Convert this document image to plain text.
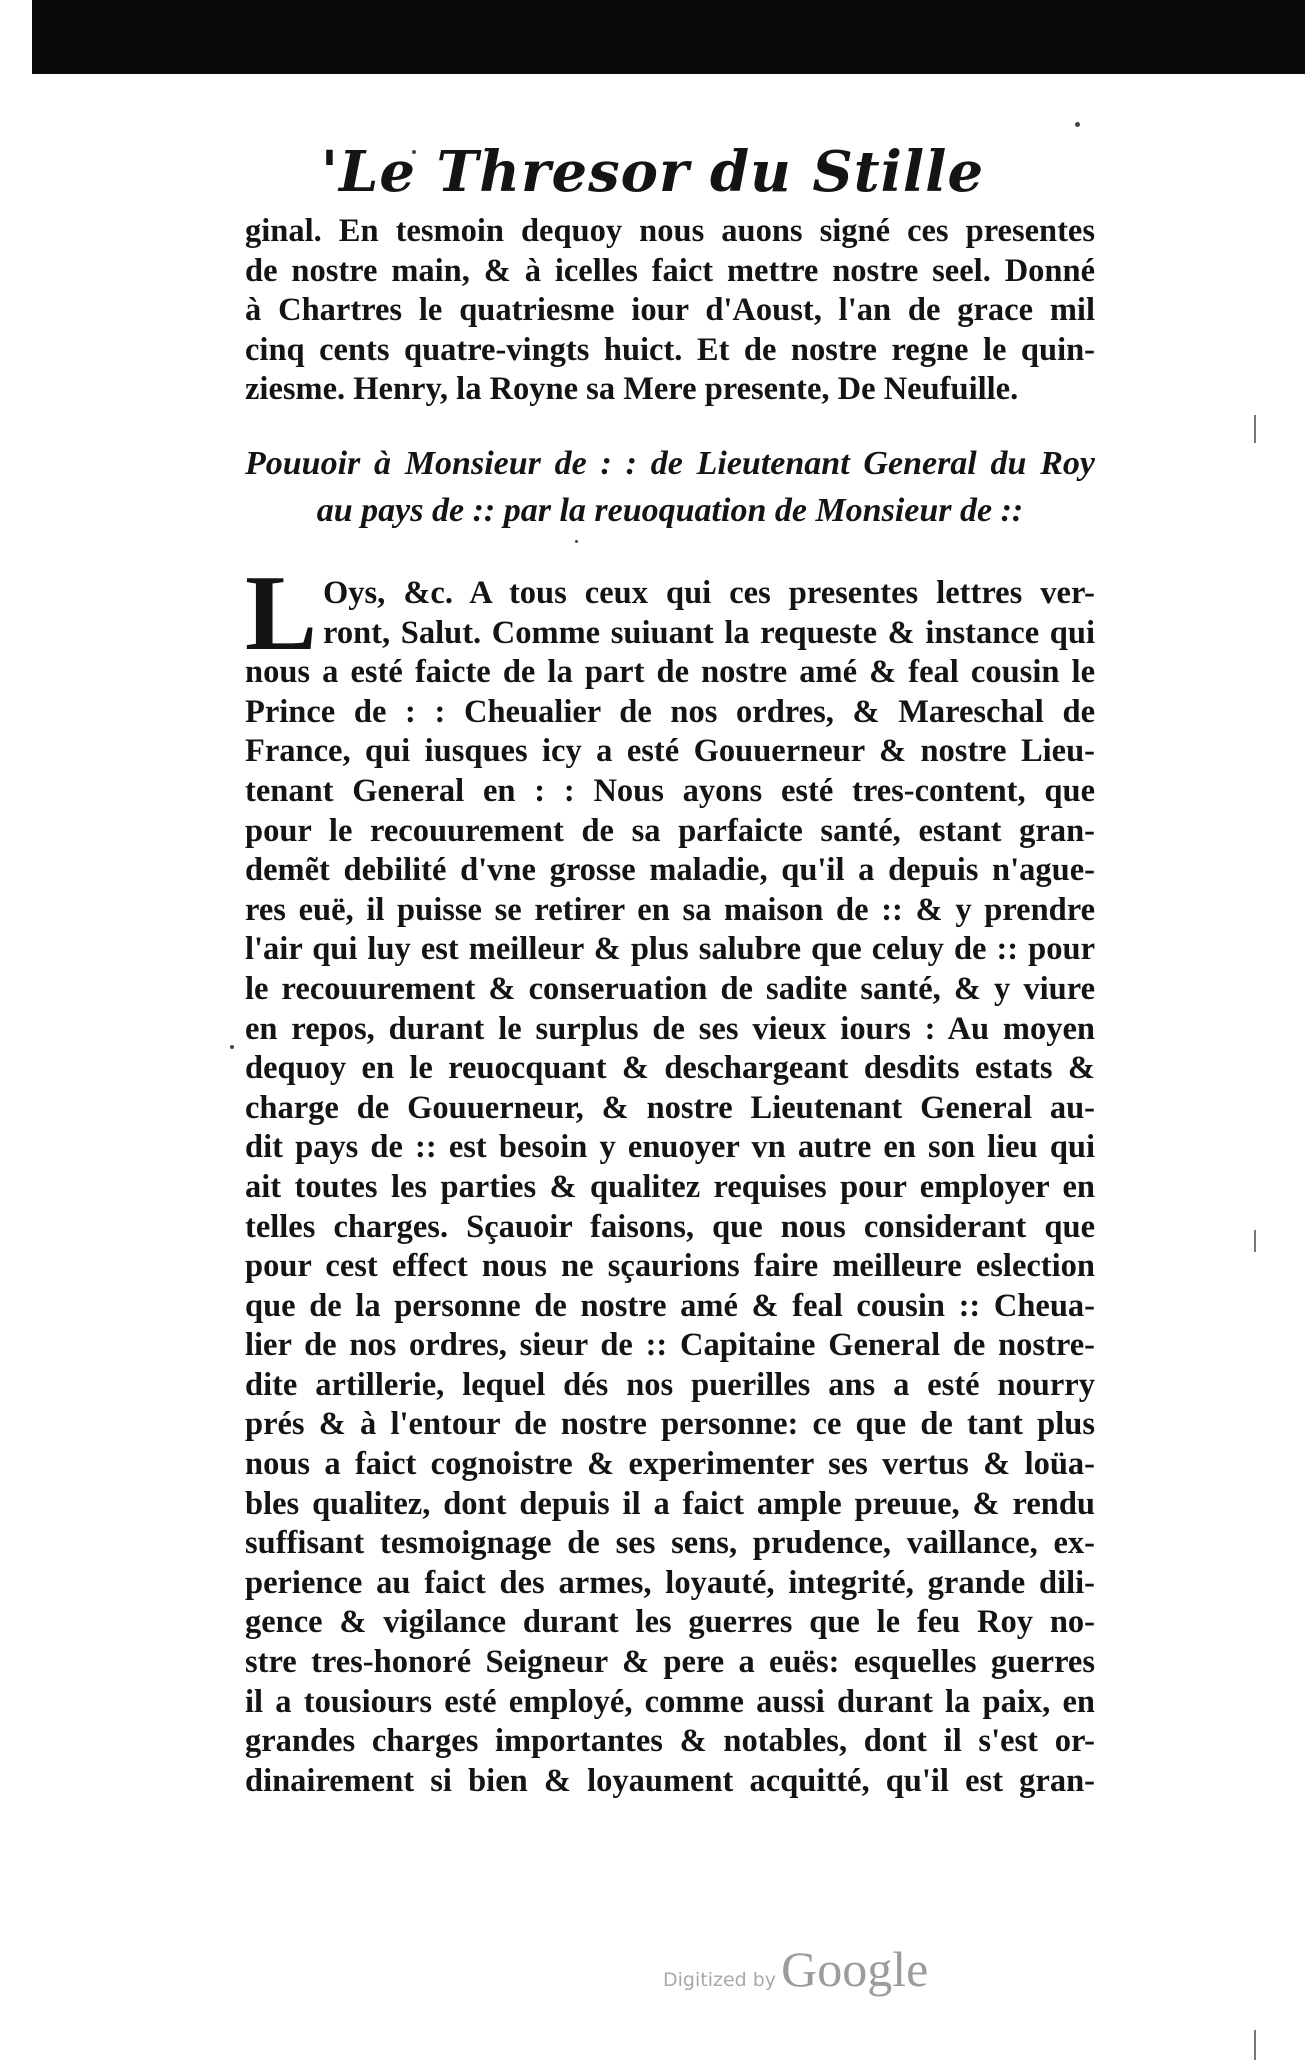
'Le Thresor du Stille
ginal. En tesmoin dequoy nous auons signé ces presentes
de nostre main, & à icelles faict mettre nostre seel. Donné
à Chartres le quatriesme iour d'Aoust, l'an de grace mil
cinq cents quatre-vingts huict. Et de nostre regne le quin-
ziesme. Henry, la Royne sa Mere presente, De Neufuille.
Pouuoir à Monsieur de : : de Lieutenant General du Roy
au pays de :: par la reuoquation de Monsieur de ::
L Oys, &c. A tous ceux qui ces presentes lettres ver-
ront, Salut. Comme suiuant la requeste & instance qui
nous a esté faicte de la part de nostre amé & feal cousin le
Prince de : : Cheualier de nos ordres, & Mareschal de
France, qui iusques icy a esté Gouuerneur & nostre Lieu-
tenant General en : : Nous ayons esté tres-content, que
pour le recouurement de sa parfaicte santé, estant gran-
demẽt debilité d'vne grosse maladie, qu'il a depuis n'ague-
res euë, il puisse se retirer en sa maison de :: & y prendre
l'air qui luy est meilleur & plus salubre que celuy de :: pour
le recouurement & conseruation de sadite santé, & y viure
en repos, durant le surplus de ses vieux iours : Au moyen
dequoy en le reuocquant & deschargeant desdits estats &
charge de Gouuerneur, & nostre Lieutenant General au-
dit pays de :: est besoin y enuoyer vn autre en son lieu qui
ait toutes les parties & qualitez requises pour employer en
telles charges. Sçauoir faisons, que nous considerant que
pour cest effect nous ne sçaurions faire meilleure eslection
que de la personne de nostre amé & feal cousin :: Cheua-
lier de nos ordres, sieur de :: Capitaine General de nostre-
dite artillerie, lequel dés nos puerilles ans a esté nourry
prés & à l'entour de nostre personne: ce que de tant plus
nous a faict cognoistre & experimenter ses vertus & loüa-
bles qualitez, dont depuis il a faict ample preuue, & rendu
suffisant tesmoignage de ses sens, prudence, vaillance, ex-
perience au faict des armes, loyauté, integrité, grande dili-
gence & vigilance durant les guerres que le feu Roy no-
stre tres-honoré Seigneur & pere a euës: esquelles guerres
il a tousiours esté employé, comme aussi durant la paix, en
grandes charges importantes & notables, dont il s'est or-
dinairement si bien & loyaument acquitté, qu'il est gran-
Digitized by Google
